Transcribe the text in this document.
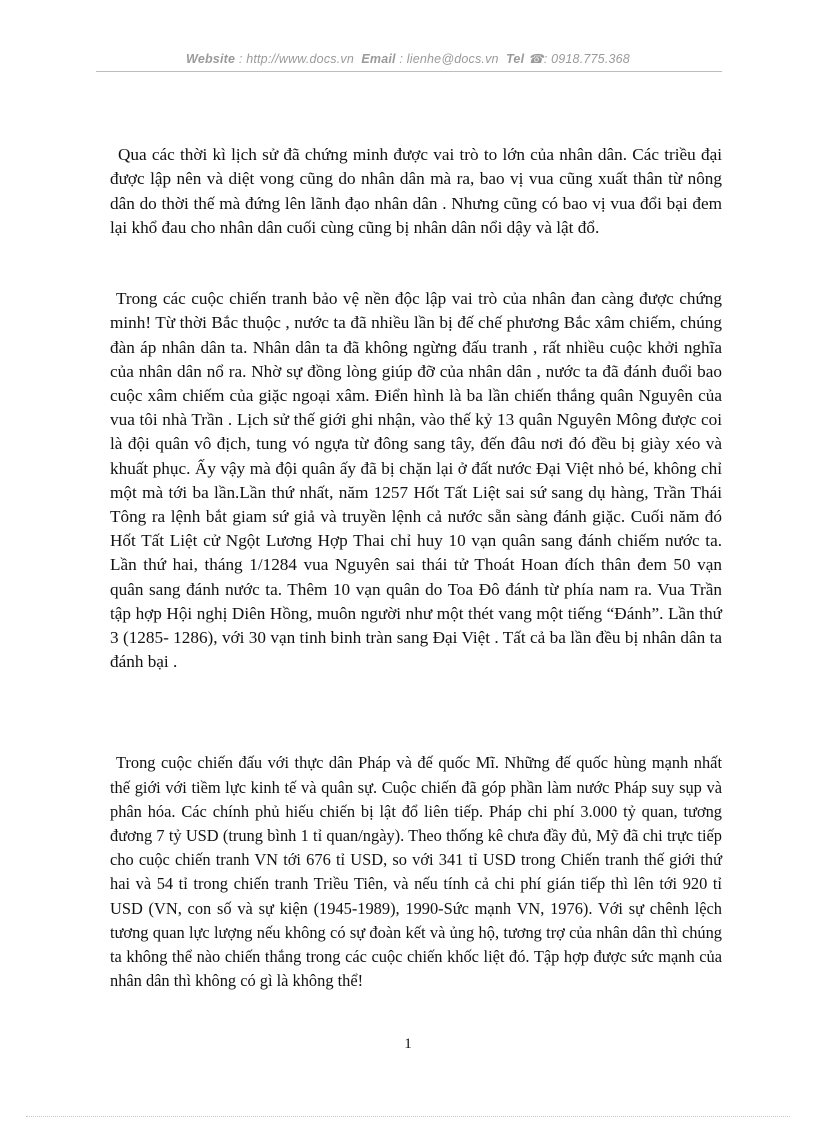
Website : http://www.docs.vn Email : lienhe@docs.vn Tel ☎: 0918.775.368

Qua các thời kì lịch sử đã chứng minh được vai trò to lớn của nhân dân. Các triều đại được lập nên và diệt vong cũng do nhân dân mà ra, bao vị vua cũng xuất thân từ nông dân do thời thế mà đứng lên lãnh đạo nhân dân . Nhưng cũng có bao vị vua đổi bại đem lại khổ đau cho nhân dân cuối cùng cũng bị nhân dân nổi dậy và lật đổ.

Trong các cuộc chiến tranh bảo vệ nền độc lập vai trò của nhân đan càng được chứng minh! Từ thời Bắc thuộc , nước ta đã nhiều lần bị đế chế phương Bắc xâm chiếm, chúng đàn áp nhân dân ta. Nhân dân ta đã không ngừng đấu tranh , rất nhiều cuộc khởi nghĩa của nhân dân nổ ra. Nhờ sự đồng lòng giúp đỡ của nhân dân , nước ta đã đánh đuổi bao cuộc xâm chiếm của giặc ngoại xâm. Điển hình là ba lần chiến thắng quân Nguyên của vua tôi nhà Trần . Lịch sử thế giới ghi nhận, vào thế kỷ 13 quân Nguyên Mông được coi là đội quân vô địch, tung vó ngựa từ đông sang tây, đến đâu nơi đó đều bị giày xéo và khuất phục. Ấy vậy mà đội quân ấy đã bị chặn lại ở đất nước Đại Việt nhỏ bé, không chỉ một mà tới ba lần.Lần thứ nhất, năm 1257 Hốt Tất Liệt sai sứ sang dụ hàng, Trần Thái Tông ra lệnh bắt giam sứ giả và truyền lệnh cả nước sẵn sàng đánh giặc. Cuối năm đó Hốt Tất Liệt cử Ngột Lương Hợp Thai chỉ huy 10 vạn quân sang đánh chiếm nước ta. Lần thứ hai, tháng 1/1284 vua Nguyên sai thái tử Thoát Hoan đích thân đem 50 vạn quân sang đánh nước ta. Thêm 10 vạn quân do Toa Đô đánh từ phía nam ra. Vua Trần tập hợp Hội nghị Diên Hồng, muôn người như một thét vang một tiếng “Đánh”. Lần thứ 3 (1285- 1286), với 30 vạn tinh binh tràn sang Đại Việt . Tất cả ba lần đều bị nhân dân ta đánh bại .

Trong cuộc chiến đấu với thực dân Pháp và đế quốc Mĩ. Những đế quốc hùng mạnh nhất thế giới với tiềm lực kinh tế và quân sự. Cuộc chiến đã góp phần làm nước Pháp suy sụp và phân hóa. Các chính phủ hiếu chiến bị lật đổ liên tiếp. Pháp chi phí 3.000 tỷ quan, tương đương 7 tỷ USD (trung bình 1 tỉ quan/ngày). Theo thống kê chưa đầy đủ, Mỹ đã chi trực tiếp cho cuộc chiến tranh VN tới 676 tỉ USD, so với 341 tỉ USD trong Chiến tranh thế giới thứ hai và 54 tỉ trong chiến tranh Triều Tiên, và nếu tính cả chi phí gián tiếp thì lên tới 920 tỉ USD (VN, con số và sự kiện (1945-1989), 1990-Sức mạnh VN, 1976). Với sự chênh lệch tương quan lực lượng nếu không có sự đoàn kết và ủng hộ, tương trợ của nhân dân thì chúng ta không thể nào chiến thắng trong các cuộc chiến khốc liệt đó. Tập hợp được sức mạnh của nhân dân thì không có gì là không thể!

1
